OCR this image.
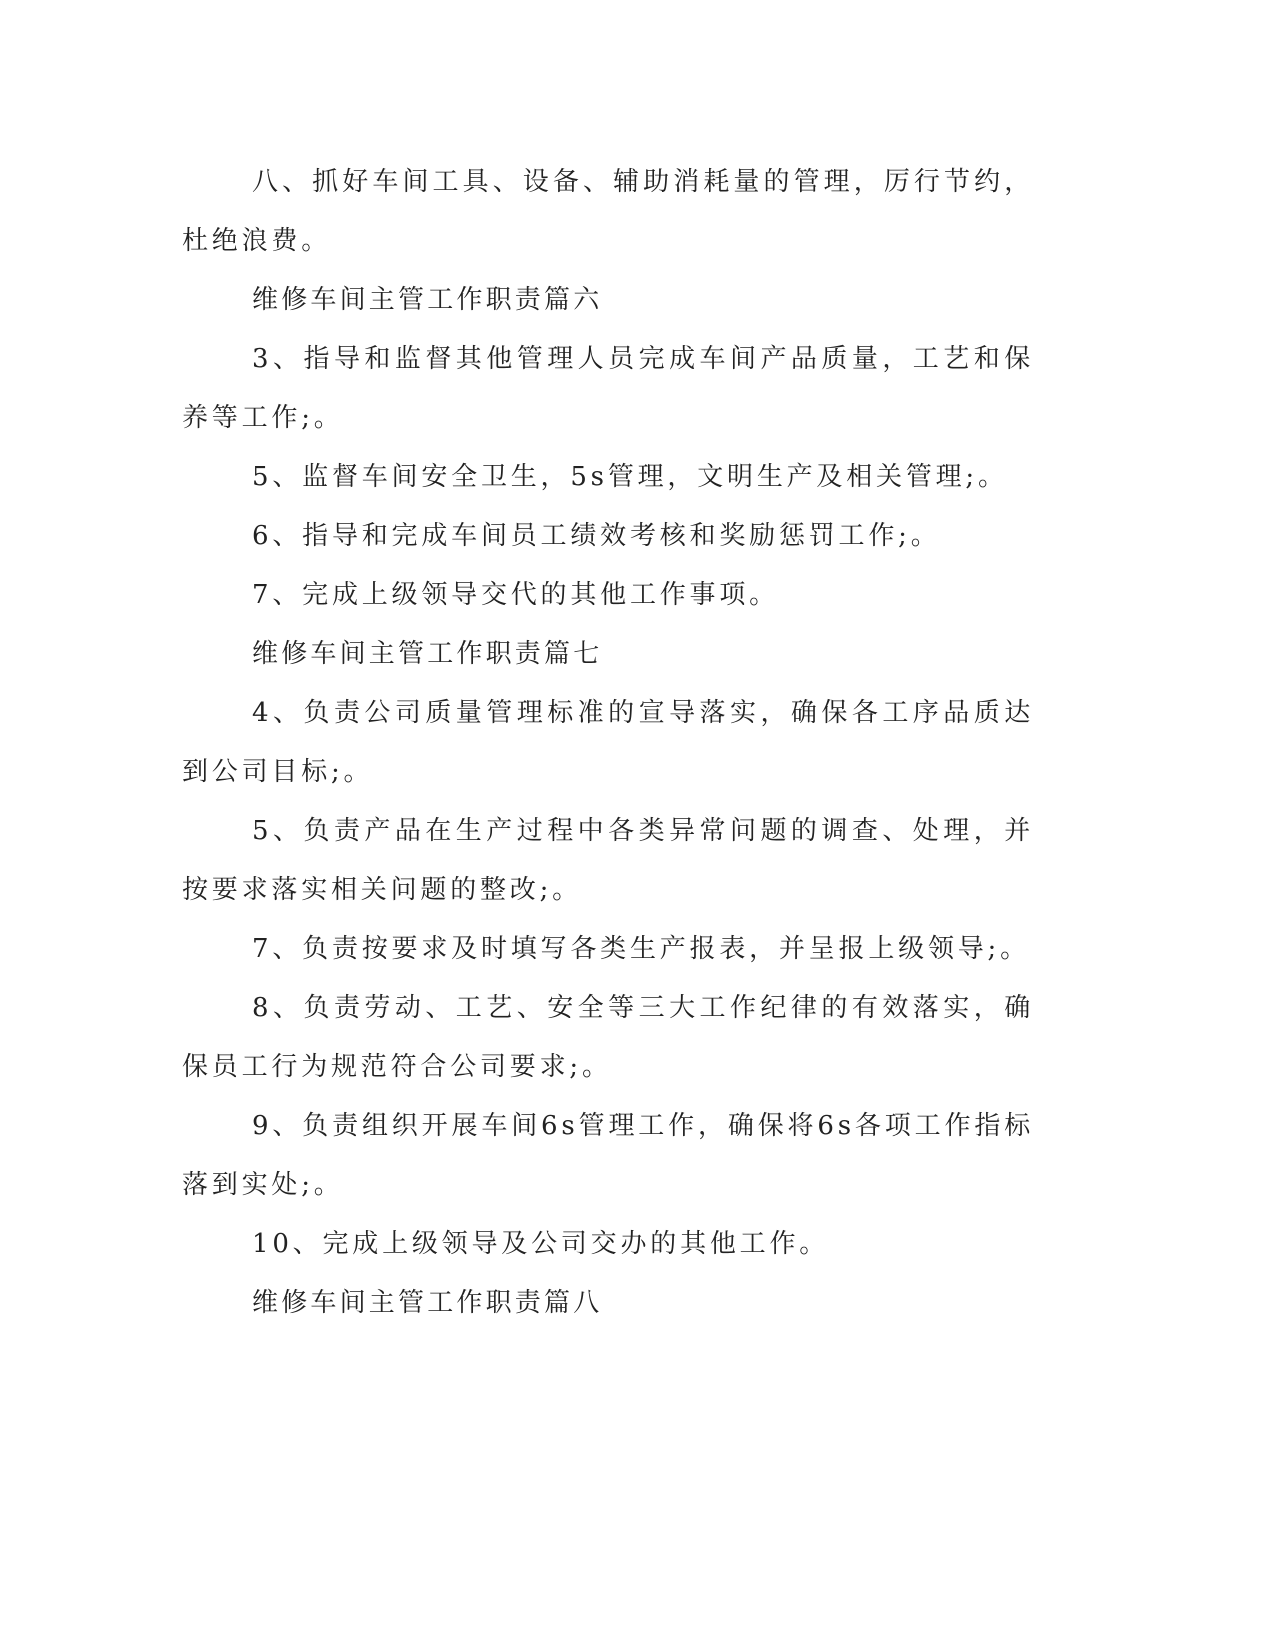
八、抓好车间工具、设备、辅助消耗量的管理，厉行节约，杜绝浪费。

维修车间主管工作职责篇六

3、指导和监督其他管理人员完成车间产品质量，工艺和保养等工作;。

5、监督车间安全卫生，5s管理，文明生产及相关管理;。

6、指导和完成车间员工绩效考核和奖励惩罚工作;。

7、完成上级领导交代的其他工作事项。

维修车间主管工作职责篇七

4、负责公司质量管理标准的宣导落实，确保各工序品质达到公司目标;。

5、负责产品在生产过程中各类异常问题的调查、处理，并按要求落实相关问题的整改;。

7、负责按要求及时填写各类生产报表，并呈报上级领导;。

8、负责劳动、工艺、安全等三大工作纪律的有效落实，确保员工行为规范符合公司要求;。

9、负责组织开展车间6s管理工作，确保将6s各项工作指标落到实处;。

10、完成上级领导及公司交办的其他工作。

维修车间主管工作职责篇八
